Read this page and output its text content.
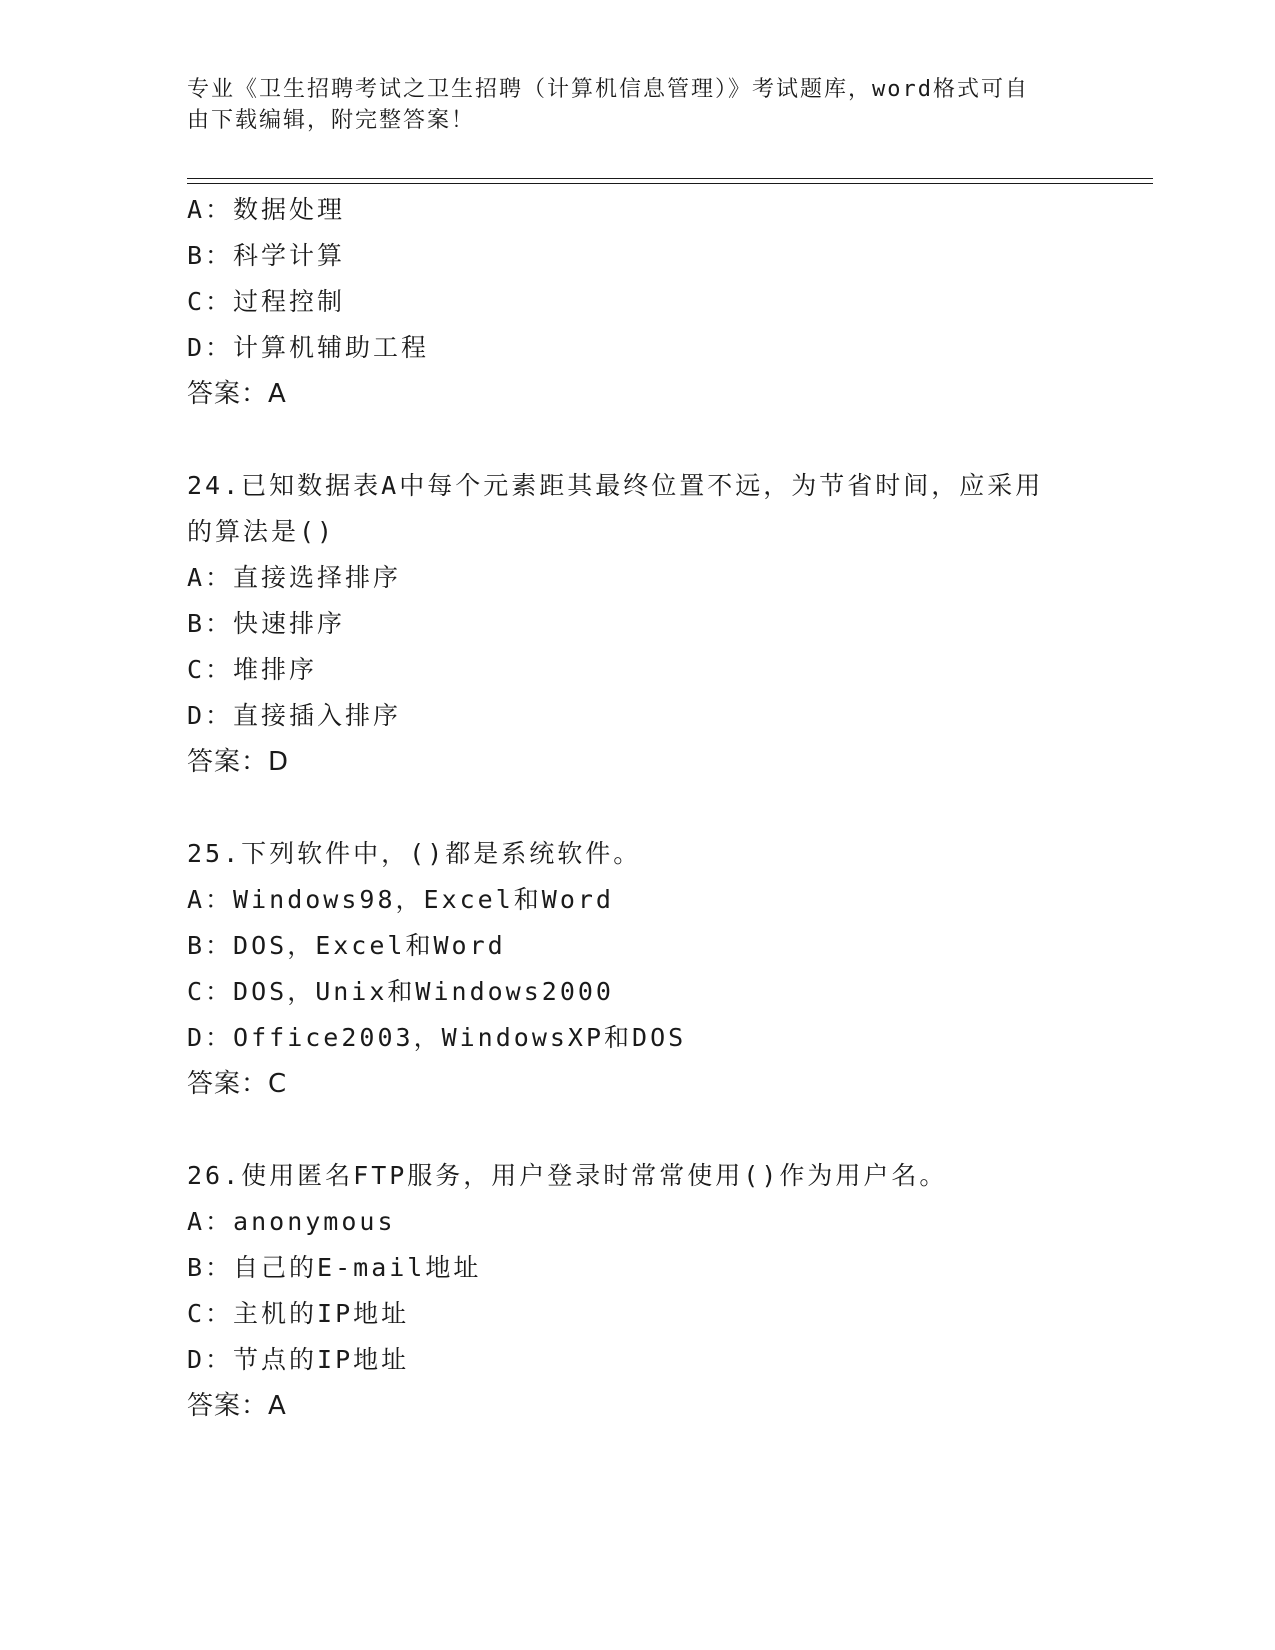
专业《卫生招聘考试之卫生招聘（计算机信息管理）》考试题库，word格式可自
由下载编辑，附完整答案！
A：数据处理
B：科学计算
C：过程控制
D：计算机辅助工程
答案：A
24.已知数据表A中每个元素距其最终位置不远，为节省时间，应采用
的算法是()
A：直接选择排序
B：快速排序
C：堆排序
D：直接插入排序
答案：D
25.下列软件中，()都是系统软件。
A：Windows98，Excel和Word
B：DOS，Excel和Word
C：DOS，Unix和Windows2000
D：Office2003，WindowsXP和DOS
答案：C
26.使用匿名FTP服务，用户登录时常常使用()作为用户名。
A：anonymous
B：自己的E-mail地址
C：主机的IP地址
D：节点的IP地址
答案：A
